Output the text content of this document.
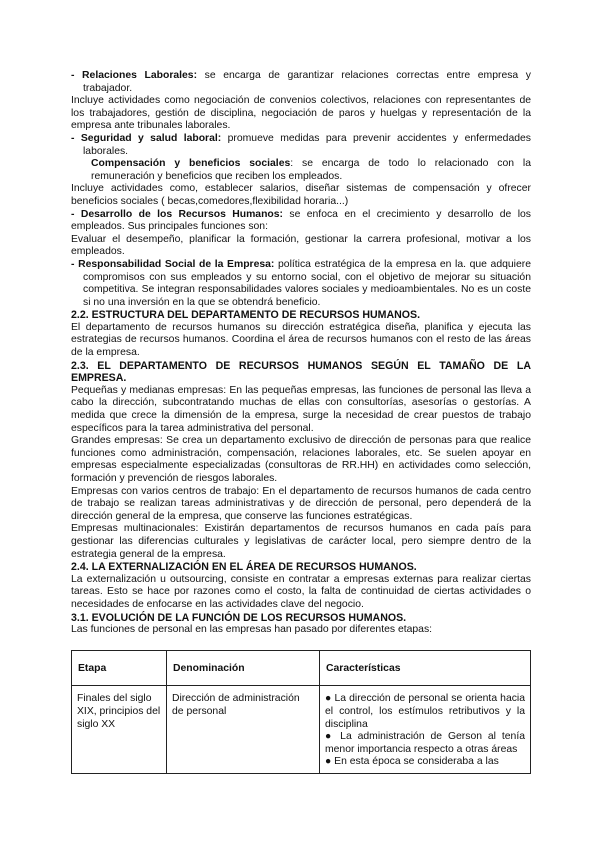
- Relaciones Laborales: se encarga de garantizar relaciones correctas entre empresa y trabajador.

Incluye actividades como negociación de convenios colectivos, relaciones con representantes de los trabajadores, gestión de disciplina, negociación de paros y huelgas y representación de la empresa ante tribunales laborales.

- Seguridad y salud laboral: promueve medidas para prevenir accidentes y enfermedades laborales.

Compensación y beneficios sociales: se encarga de todo lo relacionado con la remuneración y beneficios que reciben los empleados.

Incluye actividades como, establecer salarios, diseñar sistemas de compensación y ofrecer beneficios sociales ( becas,comedores,flexibilidad horaria...)

- Desarrollo de los Recursos Humanos: se enfoca en el crecimiento y desarrollo de los empleados. Sus principales funciones son:

Evaluar el desempeño, planificar la formación, gestionar la carrera profesional, motivar a los empleados.

- Responsabilidad Social de la Empresa: política estratégica de la empresa en la. que adquiere compromisos con sus empleados y su entorno social, con el objetivo de mejorar su situación competitiva. Se integran responsabilidades valores sociales y medioambientales. No es un coste si no una inversión en la que se obtendrá beneficio.

2.2. ESTRUCTURA DEL DEPARTAMENTO DE RECURSOS HUMANOS.

El departamento de recursos humanos su dirección estratégica diseña, planifica y ejecuta las estrategias de recursos humanos. Coordina el área de recursos humanos con el resto de las áreas de la empresa.

2.3. EL DEPARTAMENTO DE RECURSOS HUMANOS SEGÚN EL TAMAÑO DE LA EMPRESA.

Pequeñas y medianas empresas: En las pequeñas empresas, las funciones de personal las lleva a cabo la dirección, subcontratando muchas de ellas con consultorías, asesorías o gestorías. A medida que crece la dimensión de la empresa, surge la necesidad de crear puestos de trabajo específicos para la tarea administrativa del personal.

Grandes empresas: Se crea un departamento exclusivo de dirección de personas para que realice funciones como administración, compensación, relaciones laborales, etc. Se suelen apoyar en empresas especialmente especializadas (consultoras de RR.HH) en actividades como selección, formación y prevención de riesgos laborales.

Empresas con varios centros de trabajo: En el departamento de recursos humanos de cada centro de trabajo se realizan tareas administrativas y de dirección de personal, pero dependerá de la dirección general de la empresa, que conserve las funciones estratégicas.

Empresas multinacionales: Existirán departamentos de recursos humanos en cada país para gestionar las diferencias culturales y legislativas de carácter local, pero siempre dentro de la estrategia general de la empresa.

2.4. LA EXTERNALIZACIÓN EN EL ÁREA DE RECURSOS HUMANOS.

La externalización u outsourcing, consiste en contratar a empresas externas para realizar ciertas tareas. Esto se hace por razones como el costo, la falta de continuidad de ciertas actividades o necesidades de enfocarse en las actividades clave del negocio.

3.1. EVOLUCIÓN DE LA FUNCIÓN DE LOS RECURSOS HUMANOS.

Las funciones de personal en las empresas han pasado por diferentes etapas:

Etapa	Denominación	Características
Finales del siglo XIX, principios del siglo XX	Dirección de administración de personal	● La dirección de personal se orienta hacia el control, los estímulos retributivos y la disciplina

● La administración de Gerson al tenía menor importancia respecto a otras áreas

● En esta época se consideraba a las
